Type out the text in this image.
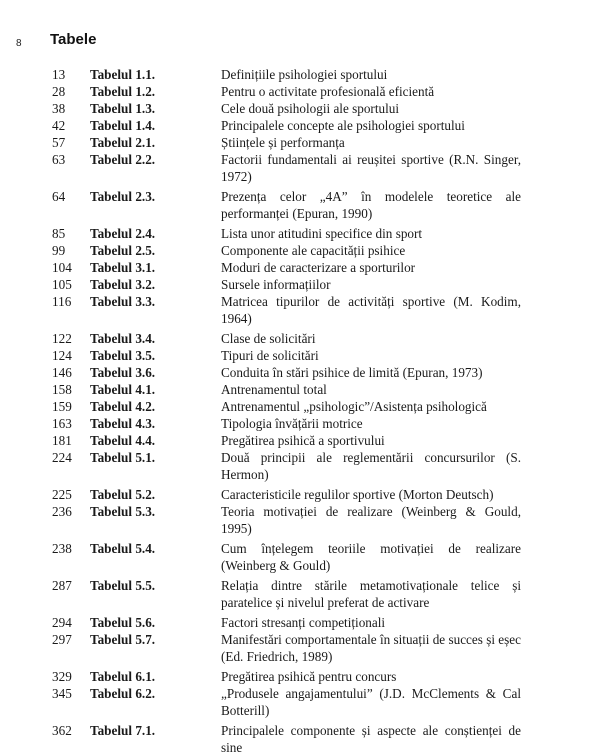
8 Tabele
13 Tabelul 1.1.	Definițiile psihologiei sportului
28 Tabelul 1.2.	Pentru o activitate profesională eficientă
38 Tabelul 1.3.	Cele două psihologii ale sportului
42 Tabelul 1.4.	Principalele concepte ale psihologiei sportului
57 Tabelul 2.1.	Științele și performanța
63 Tabelul 2.2.	Factorii fundamentali ai reușitei sportive (R.N. Singer, 1972)
64 Tabelul 2.3.	Prezența celor „4A” în modelele teoretice ale performanței (Epuran, 1990)
85 Tabelul 2.4.	Lista unor atitudini specifice din sport
99 Tabelul 2.5.	Componente ale capacității psihice
104 Tabelul 3.1.	Moduri de caracterizare a sporturilor
105 Tabelul 3.2.	Sursele informațiilor
116 Tabelul 3.3.	Matricea tipurilor de activități sportive (M. Kodim, 1964)
122 Tabelul 3.4.	Clase de solicitări
124 Tabelul 3.5.	Tipuri de solicitări
146 Tabelul 3.6.	Conduita în stări psihice de limită (Epuran, 1973)
158 Tabelul 4.1.	Antrenamentul total
159 Tabelul 4.2.	Antrenamentul „psihologic”/Asistența psihologică
163 Tabelul 4.3.	Tipologia învățării motrice
181 Tabelul 4.4.	Pregătirea psihică a sportivului
224 Tabelul 5.1.	Două principii ale reglementării concursurilor (S. Hermon)
225 Tabelul 5.2.	Caracteristicile regulilor sportive (Morton Deutsch)
236 Tabelul 5.3.	Teoria motivației de realizare (Weinberg & Gould, 1995)
238 Tabelul 5.4.	Cum înțelegem teoriile motivației de realizare (Weinberg & Gould)
287 Tabelul 5.5.	Relația dintre stările metamotivaționale telice și paratelice și nivelul preferat de activare
294 Tabelul 5.6.	Factori stresanți competiționali
297 Tabelul 5.7.	Manifestări comportamentale în situații de succes și eșec (Ed. Friedrich, 1989)
329 Tabelul 6.1.	Pregătirea psihică pentru concurs
345 Tabelul 6.2.	„Produsele angajamentului” (J.D. McClements & Cal Botterill)
362 Tabelul 7.1.	Principalele componente și aspecte ale conștienței de sine
